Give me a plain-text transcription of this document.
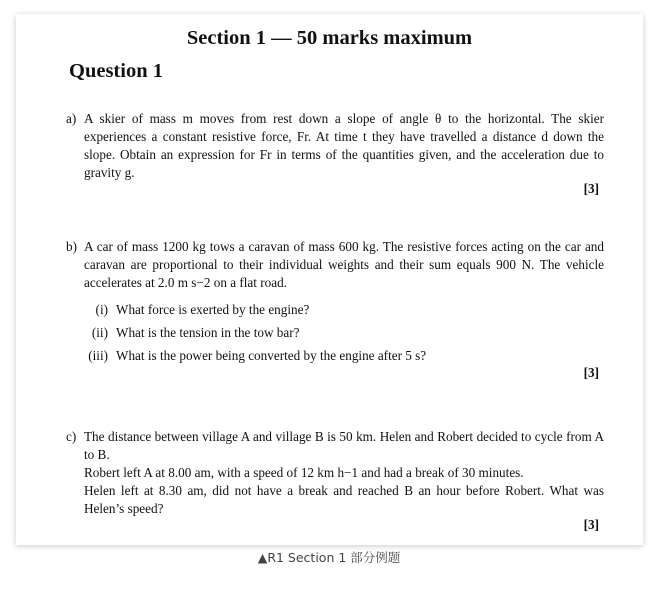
Section 1 — 50 marks maximum
Question 1
a) A skier of mass m moves from rest down a slope of angle θ to the horizontal. The skier experiences a constant resistive force, Fr. At time t they have travelled a distance d down the slope. Obtain an expression for Fr in terms of the quantities given, and the acceleration due to gravity g.

[3]
b) A car of mass 1200 kg tows a caravan of mass 600 kg. The resistive forces acting on the car and caravan are proportional to their individual weights and their sum equals 900 N. The vehicle accelerates at 2.0 m s−2 on a flat road.

(i) What force is exerted by the engine?
(ii) What is the tension in the tow bar?
(iii) What is the power being converted by the engine after 5 s?
[3]
c) The distance between village A and village B is 50 km. Helen and Robert decided to cycle from A to B.

Robert left A at 8.00 am, with a speed of 12 km h−1 and had a break of 30 minutes.

Helen left at 8.30 am, did not have a break and reached B an hour before Robert. What was Helen’s speed?

[3]
▲R1 Section 1 部分例题
